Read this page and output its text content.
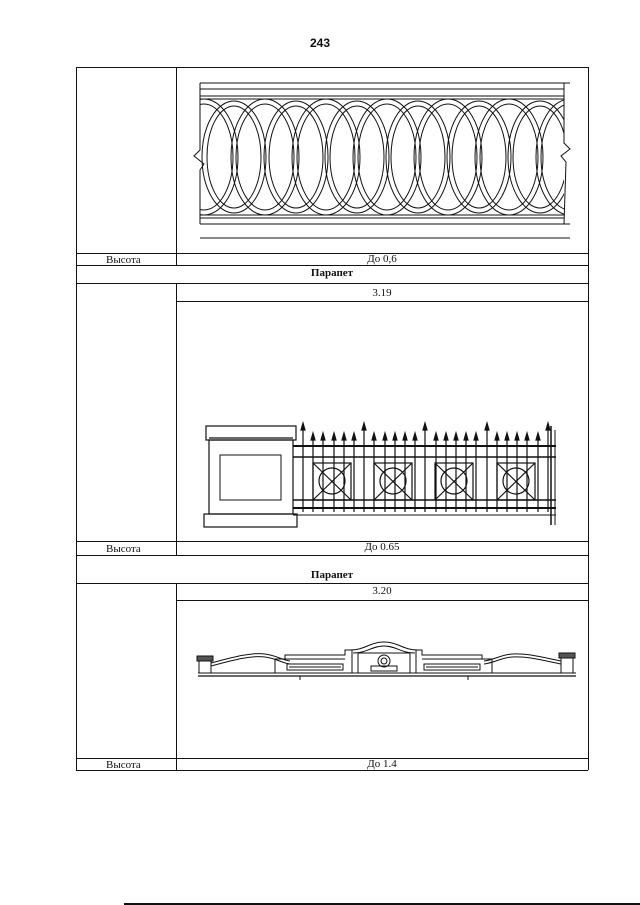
243
Высота	До 0,6
Парапет
3.19
Высота	До 0.65
Парапет
3.20
Высота	До 1.4
